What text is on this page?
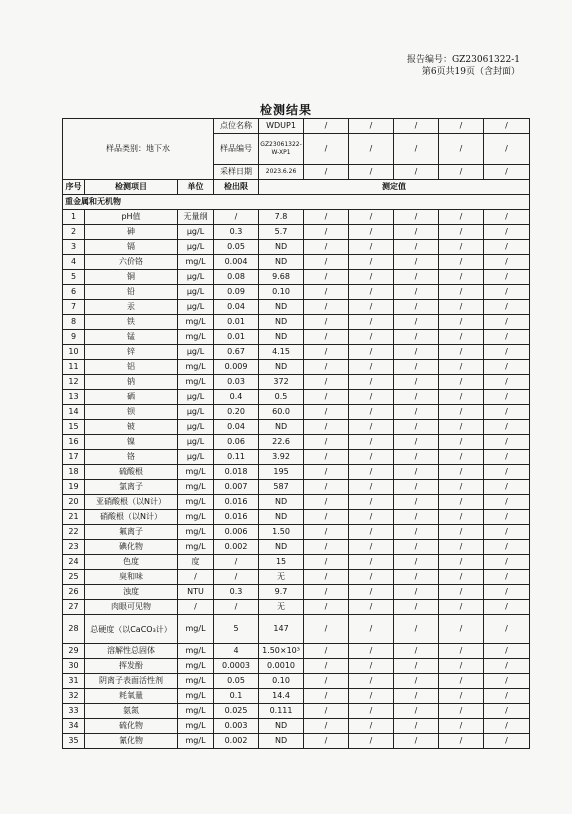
报告编号：GZ23061322-1
第6页共19页（含封面）
检测结果
样品类别：地下水			点位名称	WDUP1	/	/	/	/	/
			样品编号	GZ23061322-W-XP1	/	/	/	/	/
			采样日期	2023.6.26	/	/	/	/	/
序号	检测项目	单位	检出限	测定值					
重金属和无机物									
1	pH值	无量纲	/	7.8	/	/	/	/	/
2	砷	μg/L	0.3	5.7	/	/	/	/	/
3	镉	μg/L	0.05	ND	/	/	/	/	/
4	六价铬	mg/L	0.004	ND	/	/	/	/	/
5	铜	μg/L	0.08	9.68	/	/	/	/	/
6	铅	μg/L	0.09	0.10	/	/	/	/	/
7	汞	μg/L	0.04	ND	/	/	/	/	/
8	铁	mg/L	0.01	ND	/	/	/	/	/
9	锰	mg/L	0.01	ND	/	/	/	/	/
10	锌	μg/L	0.67	4.15	/	/	/	/	/
11	铝	mg/L	0.009	ND	/	/	/	/	/
12	钠	mg/L	0.03	372	/	/	/	/	/
13	硒	μg/L	0.4	0.5	/	/	/	/	/
14	钡	μg/L	0.20	60.0	/	/	/	/	/
15	铍	μg/L	0.04	ND	/	/	/	/	/
16	镍	μg/L	0.06	22.6	/	/	/	/	/
17	铬	μg/L	0.11	3.92	/	/	/	/	/
18	硫酸根	mg/L	0.018	195	/	/	/	/	/
19	氯离子	mg/L	0.007	587	/	/	/	/	/
20	亚硝酸根（以N计）	mg/L	0.016	ND	/	/	/	/	/
21	硝酸根（以N计）	mg/L	0.016	ND	/	/	/	/	/
22	氟离子	mg/L	0.006	1.50	/	/	/	/	/
23	碘化物	mg/L	0.002	ND	/	/	/	/	/
24	色度	度	/	15	/	/	/	/	/
25	臭和味	/	/	无	/	/	/	/	/
26	浊度	NTU	0.3	9.7	/	/	/	/	/
27	肉眼可见物	/	/	无	/	/	/	/	/
28	总硬度（以CaCO₃计）	mg/L	5	147	/	/	/	/	/
29	溶解性总固体	mg/L	4	1.50×10³	/	/	/	/	/
30	挥发酚	mg/L	0.0003	0.0010	/	/	/	/	/
31	阴离子表面活性剂	mg/L	0.05	0.10	/	/	/	/	/
32	耗氧量	mg/L	0.1	14.4	/	/	/	/	/
33	氨氮	mg/L	0.025	0.111	/	/	/	/	/
34	硫化物	mg/L	0.003	ND	/	/	/	/	/
35	氰化物	mg/L	0.002	ND	/	/	/	/	/
